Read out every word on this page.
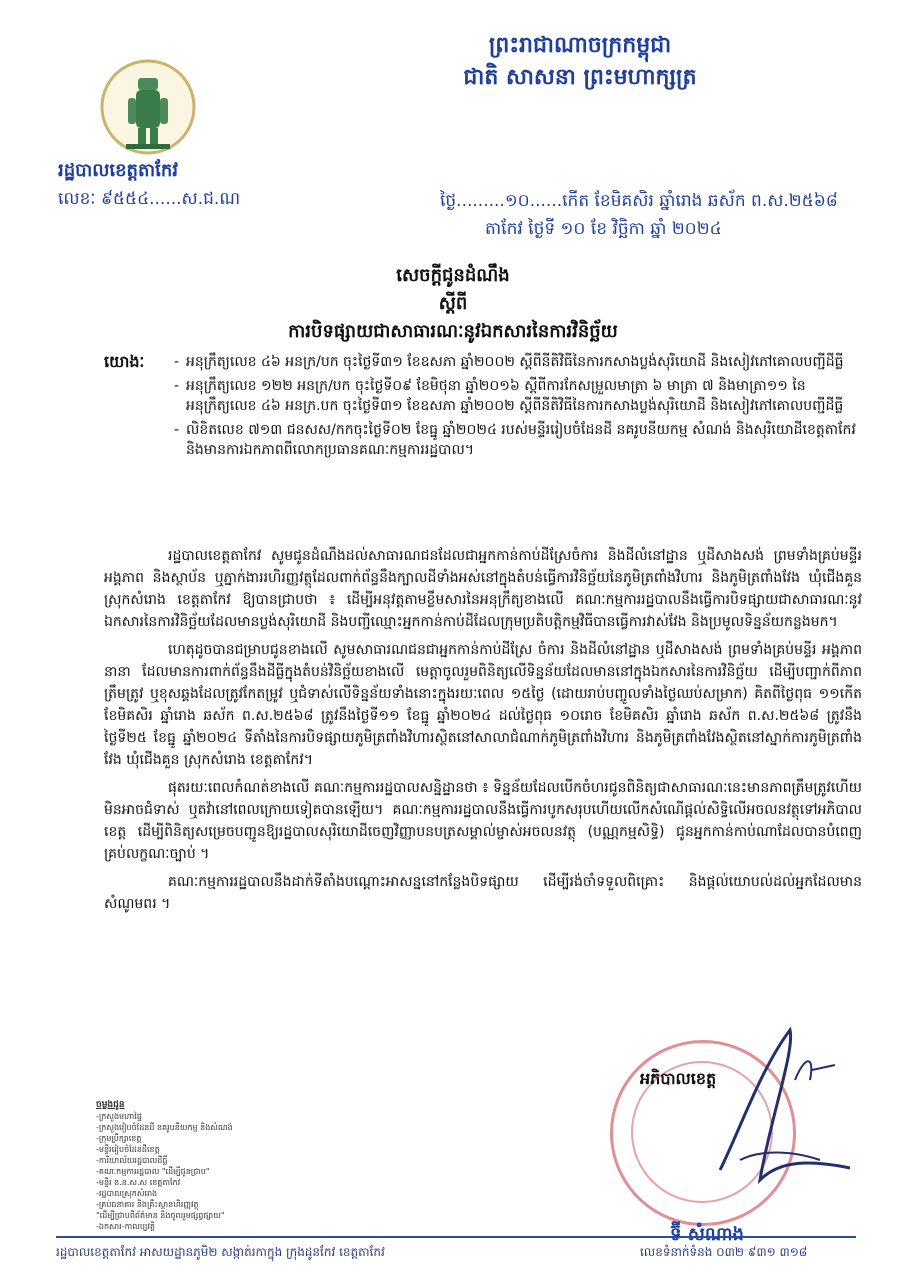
ព្រះរាជាណាចក្រកម្ពុជា
ជាតិ សាសនា ព្រះមហាក្សត្រ
រដ្ឋបាលខេត្តតាកែវ
លេខៈ ៩៥៥៤......ស.ជ.ណ	ថ្ងៃ.........១០......កើត ខែមិគសិរ ឆ្នាំរោង ឆស័ក ព.ស.២៥៦៨
តាកែវ ថ្ងៃទី ១០ ខែ វិច្ឆិកា ឆ្នាំ ២០២៤
សេចក្តីជូនដំណឹង
ស្តីពី
ការបិទផ្សាយជាសាធារណៈនូវឯកសារនៃការវិនិច្ឆ័យ
យោងៈ
-	អនុក្រឹត្យលេខ ៤៦ អនក្រ/បក ចុះថ្ងៃទី៣១ ខែឧសភា ឆ្នាំ២០០២ ស្តីពីនីតិវិធីនៃការកសាងប្លង់សុរិយោដី និងសៀវភៅគោលបញ្ជីដីធ្លី
- អនុក្រឹត្យលេខ ១២២ អនក្រ/បក ចុះថ្ងៃទី០៩ ខែមិថុនា ឆ្នាំ២០១៦ ស្តីពីការកែសម្រួលមាត្រា ៦ មាត្រា ៧ និងមាត្រា១១ នៃអនុក្រឹត្យលេខ ៤៦ អនក្រ.បក ចុះថ្ងៃទី៣១ ខែឧសភា ឆ្នាំ២០០២ ស្តីពីនីតិវិធីនៃការកសាងប្លង់សុរិយោដី និងសៀវភៅគោលបញ្ជីដីធ្លី
- លិខិតលេខ ៧១៣ ជនសស/កកចុះថ្ងៃទី០២ ខែធ្នូ ឆ្នាំ២០២៤ របស់មន្ទីររៀបចំដែនដី នគរូបនីយកម្ម សំណង់ និងសុរិយោដីខេត្តតាកែវ និងមានការឯកភាពពីលោកប្រធានគណៈកម្មការរដ្ឋបាល។

រដ្ឋបាលខេត្តតាកែវ សូមជូនដំណឹងដល់សាធារណជនដែលជាអ្នកកាន់កាប់ដីស្រែចំការ និងដីលំនៅដ្ឋាន ឬដីសាងសង់ ព្រមទាំងគ្រប់មន្ទីរ អង្គភាព និងស្ថាប័ន ឬភ្នាក់ងាររហិរញ្ញវត្ថុដែលពាក់ព័ន្ធនឹងក្បាលដីទាំងអស់នៅក្នុងតំបន់ធ្វើការវិនិច្ឆ័យនៃភូមិត្រពាំងវិហារ និងភូមិត្រពាំងវែង ឃុំជើងគួន ស្រុកសំរោង ខេត្តតាកែវ ឱ្យបានជ្រាបថា ៖ ដើម្បីអនុវត្តតាមខ្លឹមសារនៃអនុក្រឹត្យខាងលើ គណៈកម្មការរដ្ឋបាលនឹងធ្វើការបិទផ្សាយជាសាធារណៈនូវឯកសារនៃការវិនិច្ឆ័យដែលមានប្លង់សុរិយោដី និងបញ្ជីឈ្មោះអ្នកកាន់កាប់ដីដែលក្រុមប្រតិបត្តិកម្មវិធីបានធ្វើការវាស់វែង និងប្រមូលទិន្នន័យកន្លងមក។

ហេតុដូចបានជម្រាបជូនខាងលើ សូមសាធារណជនជាអ្នកកាន់កាប់ដីស្រែ ចំការ និងដីលំនៅដ្ឋាន ឬដីសាងសង់ ព្រមទាំងគ្រប់មន្ទីរ អង្គភាពនានា ដែលមានការពាក់ព័ន្ធនឹងដីធ្លីក្នុងតំបន់វិនិច្ឆ័យខាងលើ មេត្តាចូលរួមពិនិត្យលើទិន្នន័យដែលមាននៅក្នុងឯកសារនៃការវិនិច្ឆ័យ ដើម្បីបញ្ជាក់ពីភាពត្រឹមត្រូវ ឬខុសឆ្គងដែលត្រូវកែតម្រូវ ឬជំទាស់លើទិន្នន័យទាំងនោះក្នុងរយៈពេល ១៥ថ្ងៃ (ដោយរាប់បញ្ចូលទាំងថ្ងៃឈប់សម្រាក) គិតពីថ្ងៃពុធ ១១កើត ខែមិគសិរ ឆ្នាំរោង ឆស័ក ព.ស.២៥៦៨ ត្រូវនឹងថ្ងៃទី១១ ខែធ្នូ ឆ្នាំ២០២៤ ដល់ថ្ងៃពុធ ១០រោច ខែមិគសិរ ឆ្នាំរោង ឆស័ក ព.ស.២៥៦៨ ត្រូវនឹងថ្ងៃទី២៥ ខែធ្នូ ឆ្នាំ២០២៤ ទីតាំងនៃការបិទផ្សាយភូមិត្រពាំងវិហារស្ថិតនៅសាលាជំណាក់ភូមិត្រពាំងវិហារ និងភូមិត្រពាំងវែងស្ថិតនៅស្នាក់ការភូមិត្រពាំងវែង ឃុំជើងគួន ស្រុកសំរោង ខេត្តតាកែវ។

ផុតរយៈពេលកំណត់ខាងលើ គណៈកម្មការរដ្ឋបាលសន្និដ្ឋានថា ៖ ទិន្នន័យដែលបើកចំហរជូនពិនិត្យជាសាធារណៈនេះមានភាពត្រឹមត្រូវហើយមិនអាចជំទាស់ ឬតវ៉ានៅពេលក្រោយទៀតបានឡើយ។ គណៈកម្មការរដ្ឋបាលនឹងធ្វើការបូកសរុបហើយលើកសំណើផ្តល់សិទ្ធិលើអចលនវត្ថុទៅអភិបាលខេត្ត ដើម្បីពិនិត្យសម្រេចបញ្ជូនឱ្យរដ្ឋបាលសុរិយោដីចេញវិញ្ញាបនបត្រសម្គាល់ម្ចាស់អចលនវត្ថុ (បណ្ណកម្មសិទ្ធិ) ជូនអ្នកកាន់កាប់ណាដែលបានបំពេញគ្រប់លក្ខណៈច្បាប់ ។

គណៈកម្មការរដ្ឋបាលនឹងដាក់ទីតាំងបណ្តោះអាសន្ននៅកន្លែងបិទផ្សាយ ដើម្បីរង់ចាំទទួលពិគ្រោះ និងផ្តល់យោបល់ដល់អ្នកដែលមានសំណូមពរ ។

អភិបាលខេត្ត
ទ៊ី សំណាង
ចម្លងជូន
-ក្រសួងមហាផ្ទៃ
-ក្រសួងរៀបចំដែនដី នគរូបនីយកម្ម និងសំណង់
-ក្រុមប្រឹក្សាខេត្ត
-មន្ទីររៀបចំដែនដីខេត្ត
-ការិយាល័យរដ្ឋបាលដីធ្លី
-គណៈកម្មការរដ្ឋបាល "ដើម្បីជូនជ្រាប"
-មន្ទីរ ន.ន.ស.ស ខេត្តតាកែវ
-រដ្ឋបាលស្រុកសំរោង
-គ្រប់ធនាគារ និងគ្រឹះស្ថានហិរញ្ញវត្ថុ
"ដើម្បីជ្រាបពីព័ត៌មាន និងចូលរួមផ្សព្វផ្សាយ"
-ឯកសារ-កាលប្បវត្តិ
រដ្ឋបាលខេត្តតាកែវ អាសយដ្ឋានភូមិ២ សង្កាត់រកាក្នុង ក្រុងដូនកែវ ខេត្តតាកែវ	លេខទំនាក់ទំនង ០៣២ ៩៣១ ៣១៨
